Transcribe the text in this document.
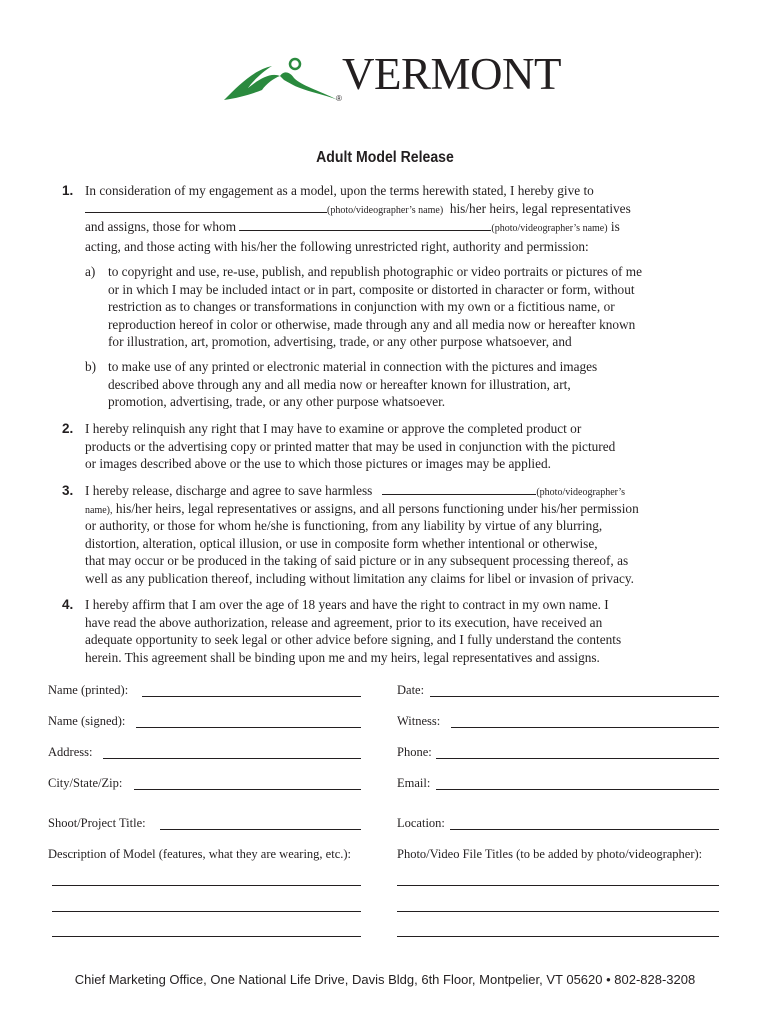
® VERMONT
Adult Model Release
1. In consideration of my engagement as a model, upon the terms herewith stated, I hereby give to
(photo/videographer’s name) his/her heirs, legal representatives
and assigns, those for whom	(photo/videographer’s name) is
acting, and those acting with his/her the following unrestricted right, authority and permission:
a) to copyright and use, re-use, publish, and republish photographic or video portraits or pictures of me
or in which I may be included intact or in part, composite or distorted in character or form, without
restriction as to changes or transformations in conjunction with my own or a fictitious name, or
reproduction hereof in color or otherwise, made through any and all media now or hereafter known
for illustration, art, promotion, advertising, trade, or any other purpose whatsoever, and
b) to make use of any printed or electronic material in connection with the pictures and images
described above through any and all media now or hereafter known for illustration, art,
promotion, advertising, trade, or any other purpose whatsoever.
2. I hereby relinquish any right that I may have to examine or approve the completed product or
products or the advertising copy or printed matter that may be used in conjunction with the pictured
or images described above or the use to which those pictures or images may be applied.
3. I hereby release, discharge and agree to save harmless	(photo/videographer’s
name), his/her heirs, legal representatives or assigns, and all persons functioning under his/her permission
or authority, or those for whom he/she is functioning, from any liability by virtue of any blurring,
distortion, alteration, optical illusion, or use in composite form whether intentional or otherwise,
that may occur or be produced in the taking of said picture or in any subsequent processing thereof, as
well as any publication thereof, including without limitation any claims for libel or invasion of privacy.
4. I hereby affirm that I am over the age of 18 years and have the right to contract in my own name. I
have read the above authorization, release and agreement, prior to its execution, have received an
adequate opportunity to seek legal or other advice before signing, and I fully understand the contents
herein. This agreement shall be binding upon me and my heirs, legal representatives and assigns.
Name (printed):
Name (signed):
Address:
City/State/Zip:
Shoot/Project Title:
Description of Model (features, what they are wearing, etc.):
Date:
Witness:
Phone:
Email:
Location:
Photo/Video File Titles (to be added by photo/videographer):
Chief Marketing Office, One National Life Drive, Davis Bldg, 6th Floor, Montpelier, VT 05620 • 802-828-3208
